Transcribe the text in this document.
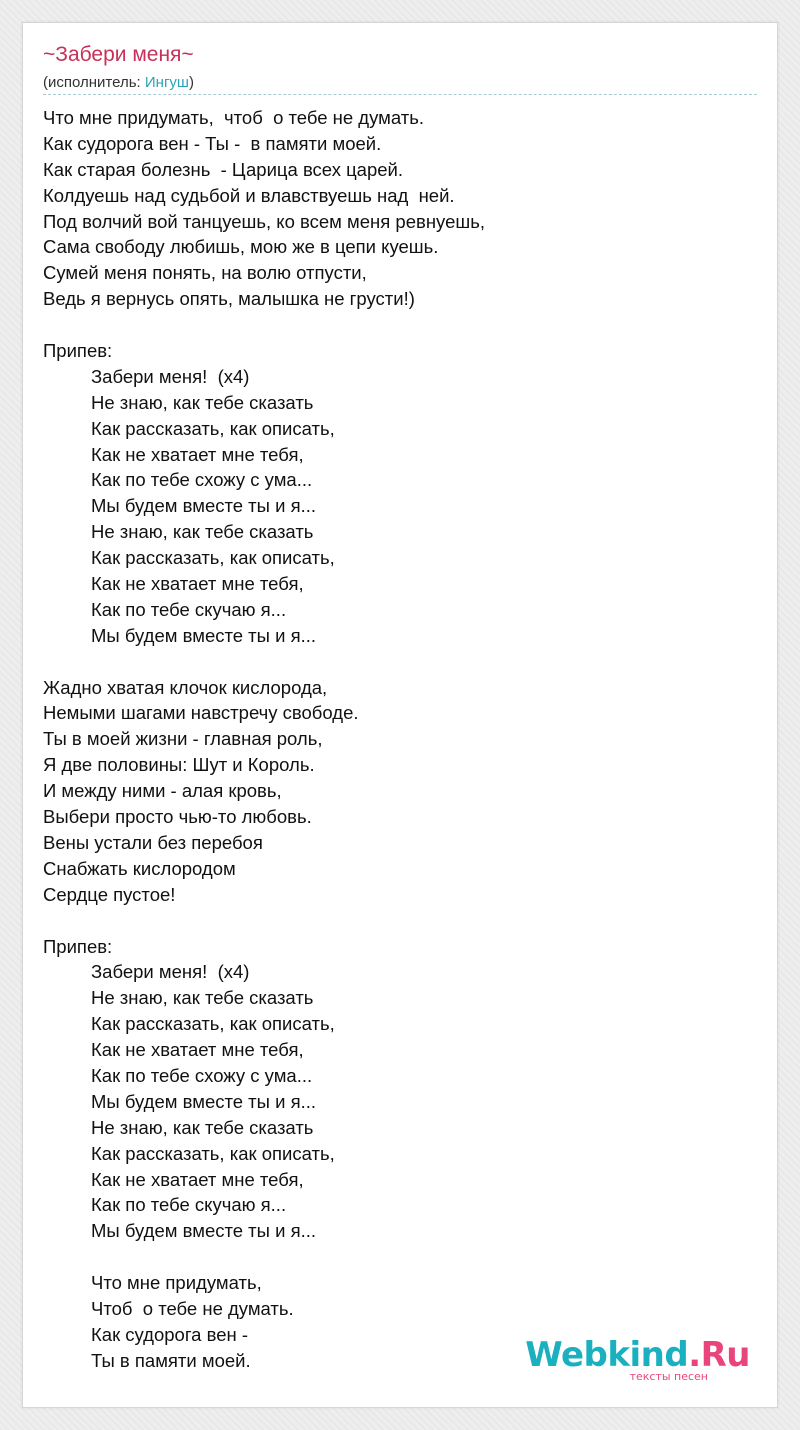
~Забери меня~
(исполнитель: Ингуш)
Что мне придумать,  чтоб  о тебе не думать.
Как судорога вен - Ты -  в памяти моей.
Как старая болезнь  - Царица всех царей.
Колдуешь над судьбой и влавствуешь над  ней.
Под волчий вой танцуешь, ко всем меня ревнуешь,
Сама свободу любишь, мою же в цепи куешь.
Сумей меня понять, на волю отпусти,
Ведь я вернусь опять, малышка не грусти!)
Припев:
Забери меня!  (x4)
Не знаю, как тебе сказать
Как рассказать, как описать,
Как не хватает мне тебя,
Как по тебе схожу с ума...
Мы будем вместе ты и я...
Не знаю, как тебе сказать
Как рассказать, как описать,
Как не хватает мне тебя,
Как по тебе скучаю я...
Мы будем вместе ты и я...
Жадно хватая клочок кислорода,
Немыми шагами навстречу свободе.
Ты в моей жизни - главная роль,
Я две половины: Шут и Король.
И между ними - алая кровь,
Выбери просто чью-то любовь.
Вены устали без перебоя
Снабжать кислородом
Сердце пустое!
Припев:
Забери меня!  (x4)
Не знаю, как тебе сказать
Как рассказать, как описать,
Как не хватает мне тебя,
Как по тебе схожу с ума...
Мы будем вместе ты и я...
Не знаю, как тебе сказать
Как рассказать, как описать,
Как не хватает мне тебя,
Как по тебе скучаю я...
Мы будем вместе ты и я...
Что мне придумать,
Чтоб  о тебе не думать.
Как судорога вен -
Ты в памяти моей.	Webkind.Ru
тексты песен
